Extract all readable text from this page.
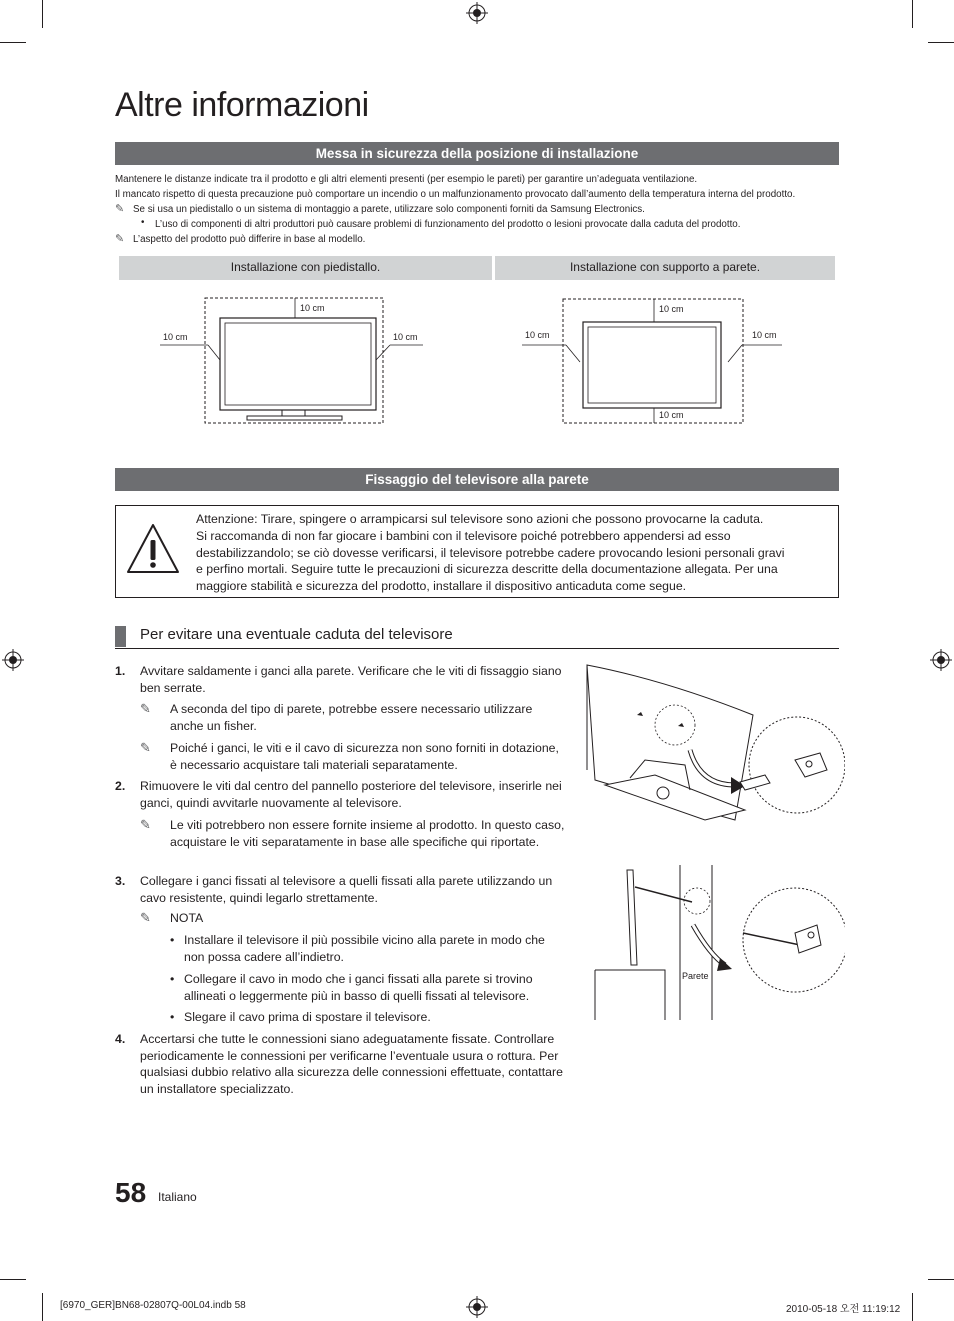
Altre informazioni
Messa in sicurezza della posizione di installazione
Mantenere le distanze indicate tra il prodotto e gli altri elementi presenti (per esempio le pareti) per garantire un’adeguata ventilazione.
Il mancato rispetto di questa precauzione può comportare un incendio o un malfunzionamento provocato dall’aumento della temperatura interna del prodotto.
✎ Se si usa un piedistallo o un sistema di montaggio a parete, utilizzare solo componenti forniti da Samsung Electronics.
• L’uso di componenti di altri produttori può causare problemi di funzionamento del prodotto o lesioni provocate dalla caduta del prodotto.
✎ L’aspetto del prodotto può differire in base al modello.
Installazione con piedistallo.	Installazione con supporto a parete.
10 cm
10 cm	10 cm
10 cm
10 cm	10 cm
10 cm
Fissaggio del televisore alla parete
Attenzione: Tirare, spingere o arrampicarsi sul televisore sono azioni che possono provocarne la caduta.
Si raccomanda di non far giocare i bambini con il televisore poiché potrebbero appendersi ad esso
destabilizzandolo; se ciò dovesse verificarsi, il televisore potrebbe cadere provocando lesioni personali gravi
e perfino mortali. Seguire tutte le precauzioni di sicurezza descritte della documentazione allegata. Per una
maggiore stabilità e sicurezza del prodotto, installare il dispositivo anticaduta come segue.
Per evitare una eventuale caduta del televisore
1. Avvitare saldamente i ganci alla parete. Verificare che le viti di fissaggio siano ben serrate.
✎ A seconda del tipo di parete, potrebbe essere necessario utilizzare anche un fisher.
✎ Poiché i ganci, le viti e il cavo di sicurezza non sono forniti in dotazione, è necessario acquistare tali materiali separatamente.
2. Rimuovere le viti dal centro del pannello posteriore del televisore, inserirle nei ganci, quindi avvitarle nuovamente al televisore.
✎ Le viti potrebbero non essere fornite insieme al prodotto. In questo caso, acquistare le viti separatamente in base alle specifiche qui riportate.
3. Collegare i ganci fissati al televisore a quelli fissati alla parete utilizzando un cavo resistente, quindi legarlo strettamente.
✎ NOTA
• Installare il televisore il più possibile vicino alla parete in modo che non possa cadere all’indietro.
• Collegare il cavo in modo che i ganci fissati alla parete si trovino allineati o leggermente più in basso di quelli fissati al televisore.
• Slegare il cavo prima di spostare il televisore.
4. Accertarsi che tutte le connessioni siano adeguatamente fissate. Controllare periodicamente le connessioni per verificarne l’eventuale usura o rottura. Per qualsiasi dubbio relativo alla sicurezza delle connessioni effettuate, contattare un installatore specializzato.
Parete
58 Italiano
[6970_GER]BN68-02807Q-00L04.indb 58	2010-05-18 오전 11:19:12
